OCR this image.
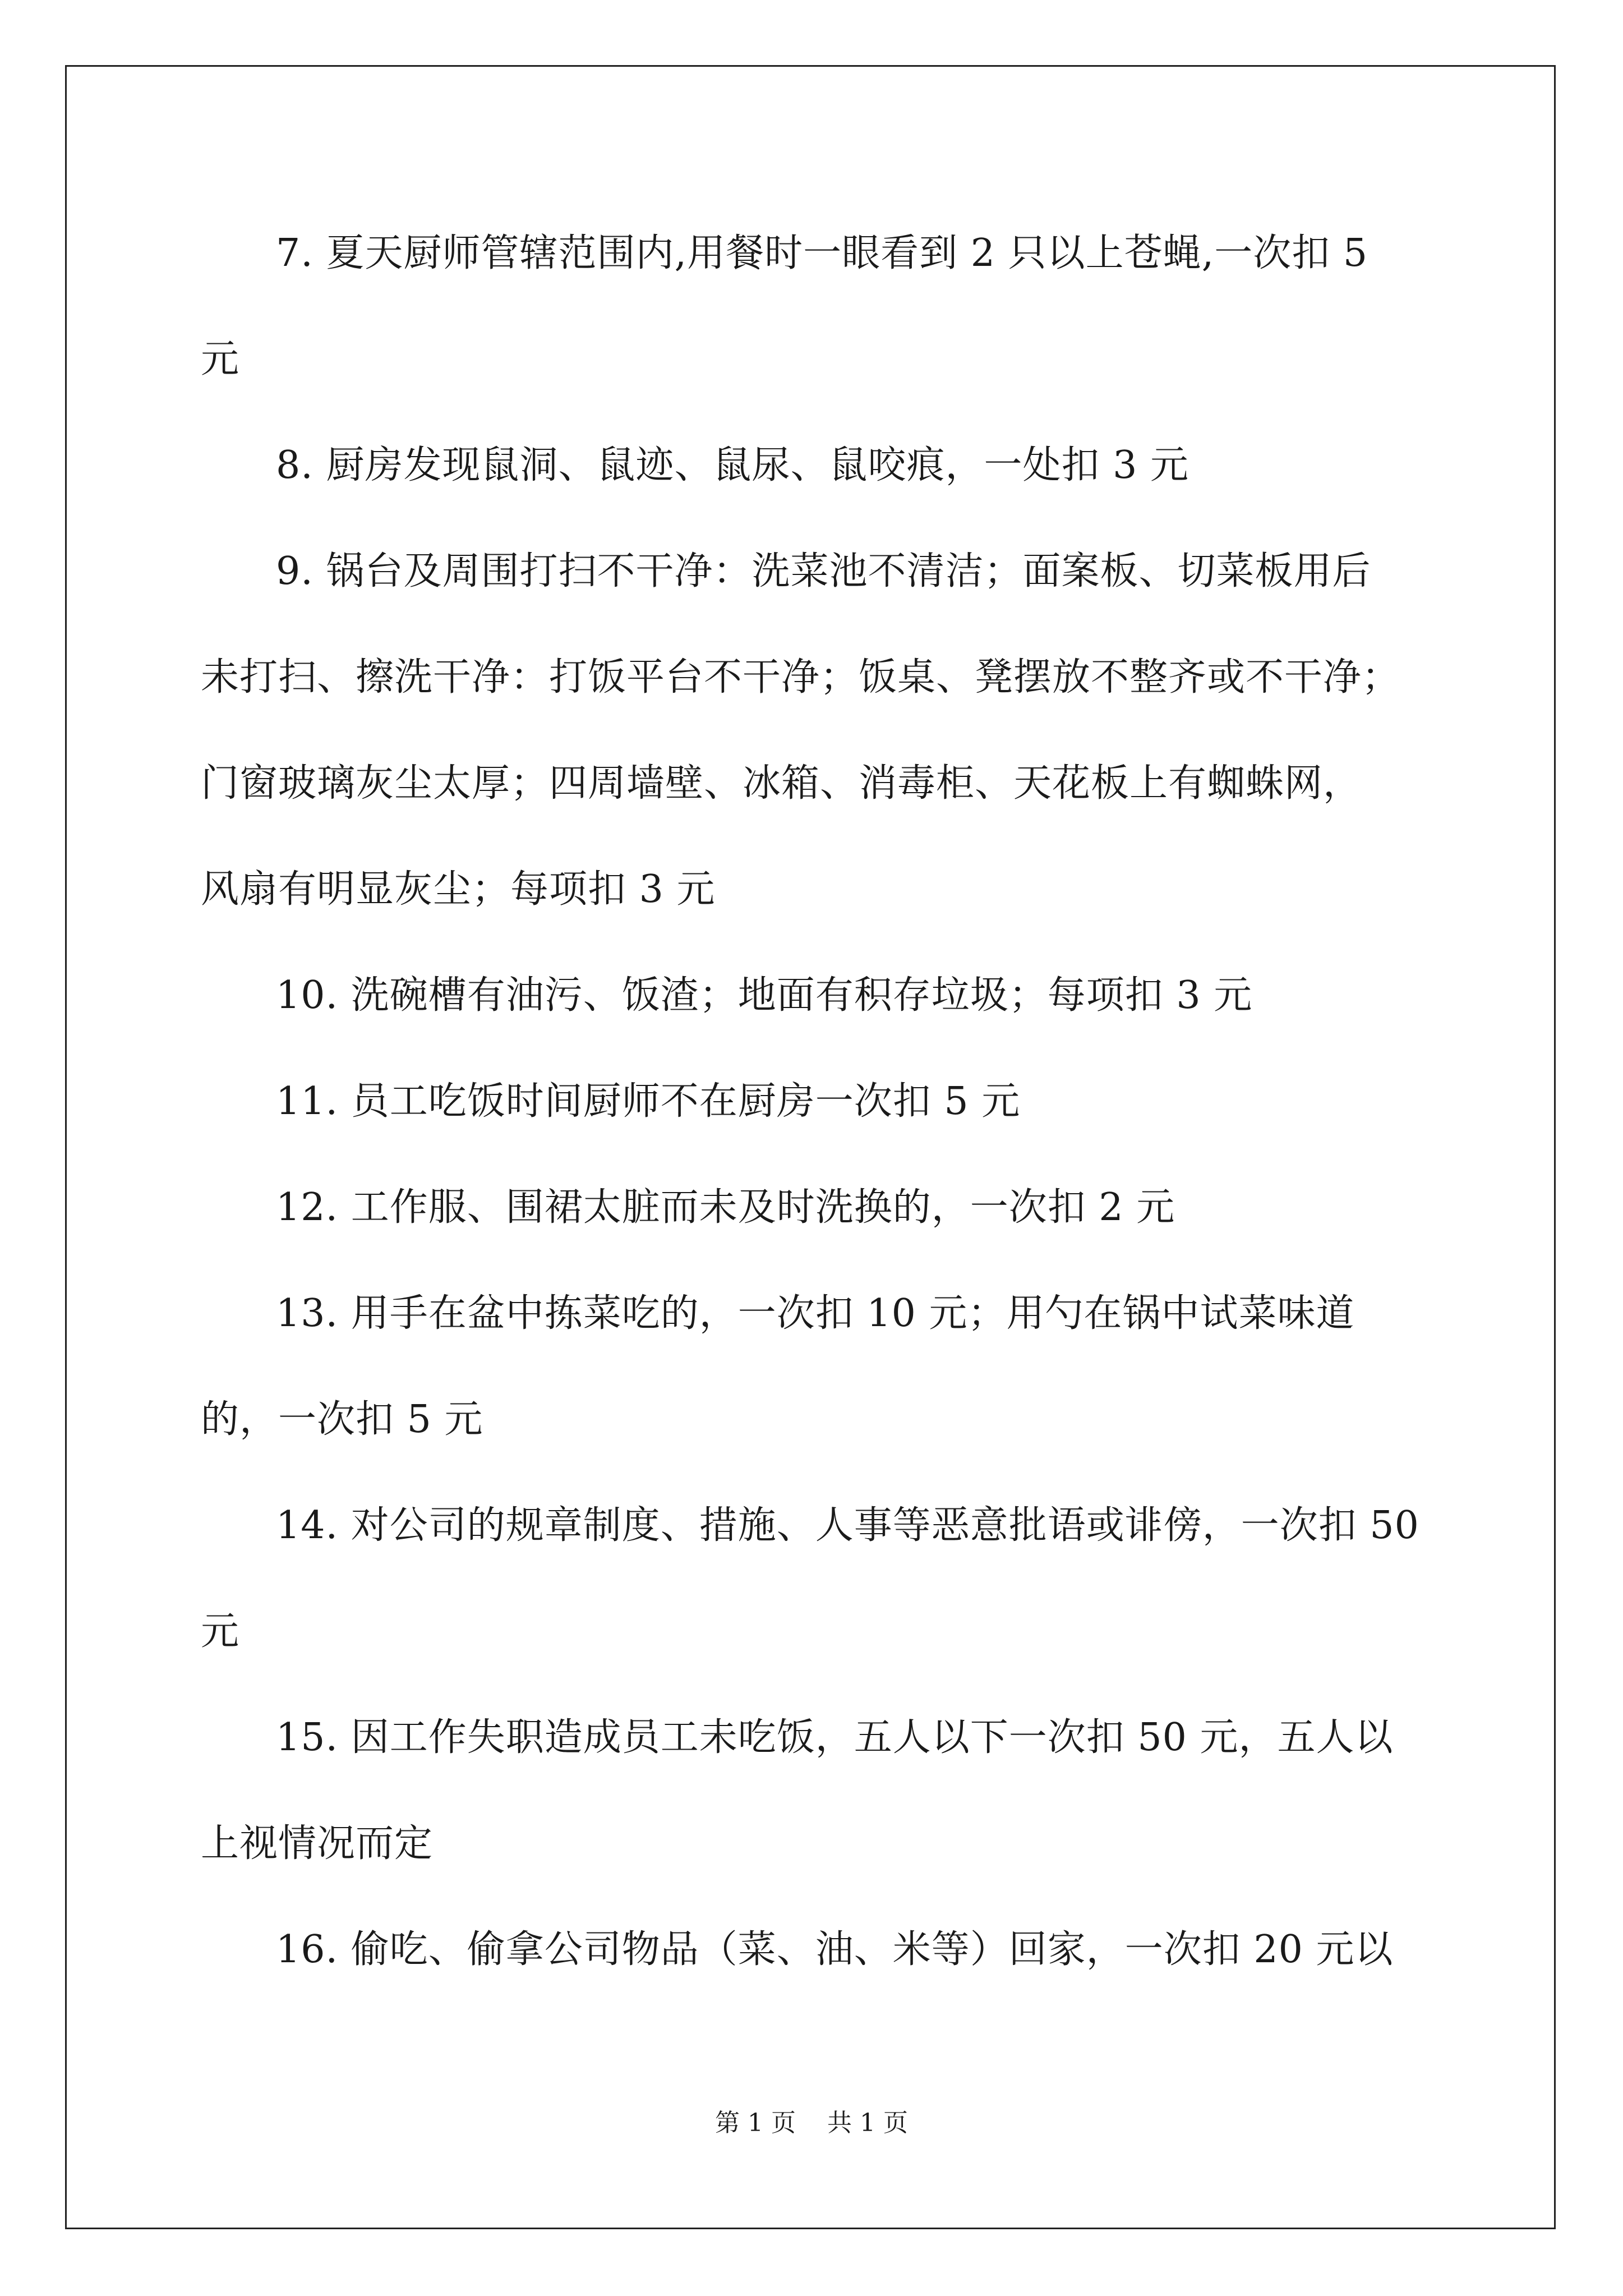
7. 夏天厨师管辖范围内,用餐时一眼看到 2 只以上苍蝇,一次扣 5
元
8. 厨房发现鼠洞、鼠迹、鼠尿、鼠咬痕，一处扣 3 元
9. 锅台及周围打扫不干净：洗菜池不清洁；面案板、切菜板用后
未打扫、擦洗干净：打饭平台不干净；饭桌、凳摆放不整齐或不干净；
门窗玻璃灰尘太厚；四周墙壁、冰箱、消毒柜、天花板上有蜘蛛网，
风扇有明显灰尘；每项扣 3 元
10. 洗碗槽有油污、饭渣；地面有积存垃圾；每项扣 3 元
11. 员工吃饭时间厨师不在厨房一次扣 5 元
12. 工作服、围裙太脏而未及时洗换的，一次扣 2 元
13. 用手在盆中拣菜吃的，一次扣 10 元；用勺在锅中试菜味道
的，一次扣 5 元
14. 对公司的规章制度、措施、人事等恶意批语或诽傍，一次扣 50
元
15. 因工作失职造成员工未吃饭，五人以下一次扣 50 元，五人以
上视情况而定
16. 偷吃、偷拿公司物品（菜、油、米等）回家，一次扣 20 元以
第 1 页 共 1 页
